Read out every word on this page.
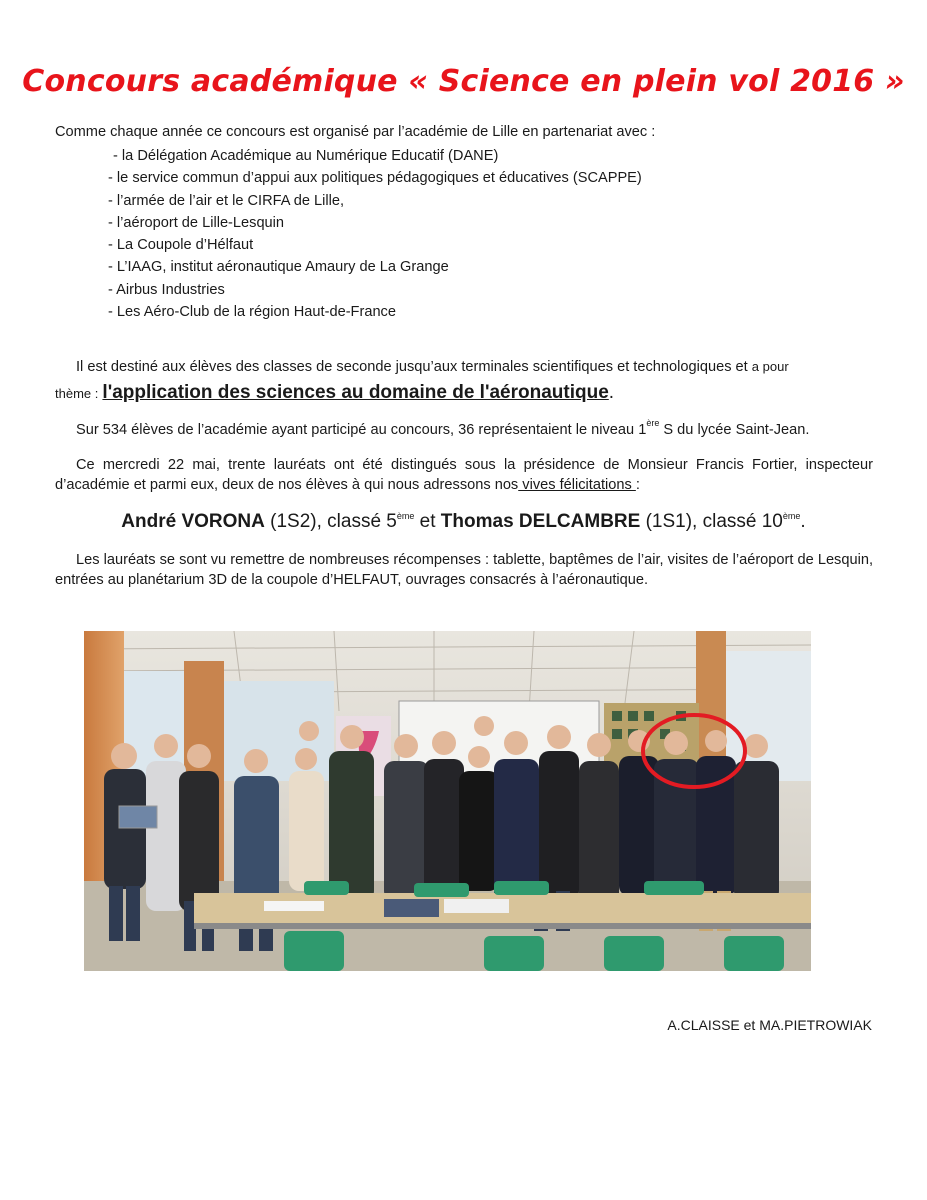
Concours académique « Science en plein vol 2016 »
Comme chaque année ce concours est organisé par l’académie de Lille en partenariat avec :
- la Délégation Académique au Numérique Educatif (DANE)
- le service commun d’appui aux politiques pédagogiques et éducatives (SCAPPE)
- l’armée de l’air et le CIRFA de Lille,
- l’aéroport de Lille-Lesquin
- La Coupole d’Hélfaut
- L’IAAG, institut aéronautique Amaury de La Grange
- Airbus Industries
- Les Aéro-Club de la région Haut-de-France
Il est destiné aux élèves des classes de seconde jusqu’aux terminales scientifiques et technologiques et a pour
thème : l'application des sciences au domaine de l'aéronautique.
Sur 534 élèves de l’académie ayant participé au concours, 36 représentaient le niveau 1ère S du lycée Saint-Jean.
Ce mercredi 22 mai, trente lauréats ont été distingués sous la présidence de Monsieur Francis Fortier, inspecteur d’académie et parmi eux, deux de nos élèves à qui nous adressons nos vives félicitations :
André VORONA (1S2), classé 5ème et Thomas DELCAMBRE (1S1), classé 10ème.
Les lauréats se sont vu remettre de nombreuses récompenses : tablette, baptêmes de l’air, visites de l’aéroport de Lesquin, entrées au planétarium 3D de la coupole d’HELFAUT, ouvrages consacrés à l’aéronautique.
A.CLAISSE et MA.PIETROWIAK
